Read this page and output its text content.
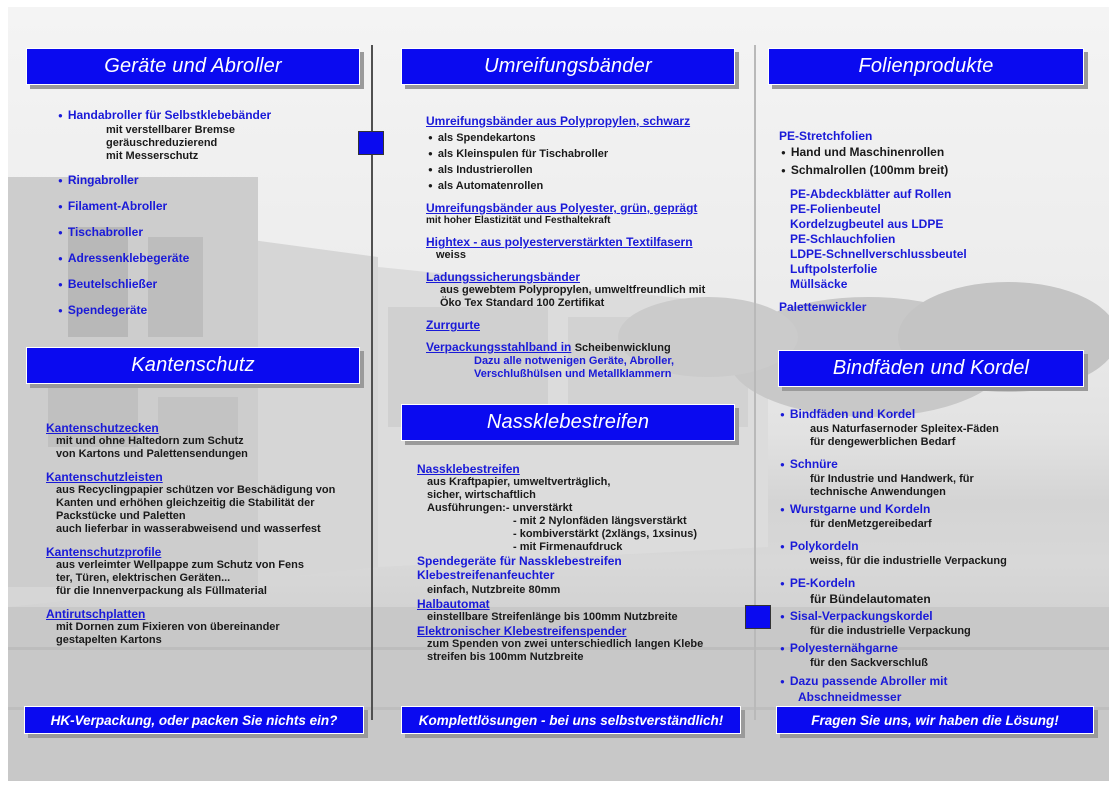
Geräte und Abroller
● Handabroller für Selbstklebebänder
mit verstellbarer Bremse
geräuschreduzierend
mit Messerschutz
● Ringabroller
● Filament-Abroller
● Tischabroller
● Adressenklebegeräte
● Beutelschließer
● Spendegeräte
Kantenschutz
Kantenschutzecken
mit und ohne Haltedorn zum Schutz
von Kartons und Palettensendungen
Kantenschutzleisten
aus Recyclingpapier schützen vor Beschädigung von
Kanten und erhöhen gleichzeitig die Stabilität der
Packstücke und Paletten
auch lieferbar in wasserabweisend und wasserfest
Kantenschutzprofile
aus verleimter Wellpappe zum Schutz von Fens
ter, Türen, elektrischen Geräten...
für die Innenverpackung als Füllmaterial
Antirutschplatten
mit Dornen zum Fixieren von übereinander
gestapelten Kartons
HK-Verpackung, oder packen Sie nichts ein?
Umreifungsbänder
Umreifungsbänder aus Polypropylen, schwarz
● als Spendekartons
● als Kleinspulen für Tischabroller
● als Industrierollen
● als Automatenrollen
Umreifungsbänder aus Polyester, grün, geprägt
mit hoher Elastizität und Festhaltekraft
Hightex - aus polyesterverstärkten Textilfasern
weiss
Ladungssicherungsbänder
aus gewebtem Polypropylen, umweltfreundlich mit
Öko Tex Standard 100 Zertifikat
Zurrgurte
Verpackungsstahlband in Scheibenwicklung
Dazu alle notwenigen Geräte, Abroller,
Verschlußhülsen und Metallklammern
Nassklebestreifen
Nassklebestreifen
aus Kraftpapier, umweltverträglich,
sicher, wirtschaftlich
Ausführungen:- unverstärkt
- mit 2 Nylonfäden längsverstärkt
- kombiverstärkt (2xlängs, 1xsinus)
- mit Firmenaufdruck
Spendegeräte für Nassklebestreifen
Klebestreifenanfeuchter
einfach, Nutzbreite 80mm
Halbautomat
einstellbare Streifenlänge bis 100mm Nutzbreite
Elektronischer Klebestreifenspender
zum Spenden von zwei unterschiedlich langen Klebe
streifen bis 100mm Nutzbreite
Komplettlösungen - bei uns selbstverständlich!
Folienprodukte
PE-Stretchfolien
● Hand und Maschinenrollen
● Schmalrollen (100mm breit)
PE-Abdeckblätter auf Rollen
PE-Folienbeutel
Kordelzugbeutel aus LDPE
PE-Schlauchfolien
LDPE-Schnellverschlussbeutel
Luftpolsterfolie
Müllsäcke
Palettenwickler
Bindfäden und Kordel
● Bindfäden und Kordel
aus Naturfasernoder Spleitex-Fäden
für dengewerblichen Bedarf
● Schnüre
für Industrie und Handwerk, für
technische Anwendungen
● Wurstgarne und Kordeln
für denMetzgereibedarf
● Polykordeln
weiss, für die industrielle Verpackung
● PE-Kordeln
für Bündelautomaten
● Sisal-Verpackungskordel
für die industrielle Verpackung
● Polyesternähgarne
für den Sackverschluß
● Dazu passende Abroller mit
Abschneidmesser
Fragen Sie uns, wir haben die Lösung!
